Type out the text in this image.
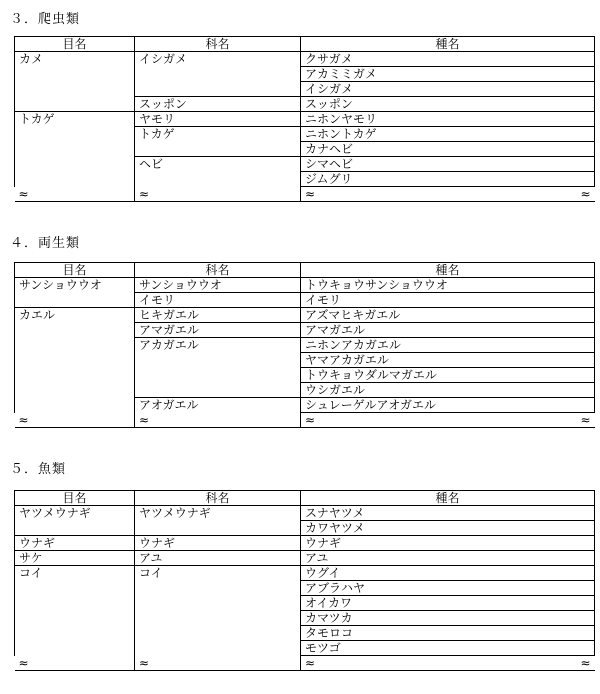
３．爬虫類
目名	科名	種名
カメ	イシガメ	クサガメ
		アカミミガメ
		イシガメ
	スッポン	スッポン
トカゲ	ヤモリ	ニホンヤモリ
	トカゲ	ニホントカゲ
		カナヘビ
	ヘビ	シマヘビ
		ジムグリ
≈	≈	≈ ≈
４．両生類
目名	科名	種名
サンショウウオ	サンショウウオ	トウキョウサンショウウオ
	イモリ	イモリ
カエル	ヒキガエル	アズマヒキガエル
	アマガエル	アマガエル
	アカガエル	ニホンアカガエル
		ヤマアカガエル
		トウキョウダルマガエル
		ウシガエル
	アオガエル	シュレーゲルアオガエル
≈	≈	≈ ≈
５．魚類
目名	科名	種名
ヤツメウナギ	ヤツメウナギ	スナヤツメ
		カワヤツメ
ウナギ	ウナギ	ウナギ
サケ	アユ	アユ
コイ	コイ	ウグイ
		アブラハヤ
		オイカワ
		カマツカ
		タモロコ
		モツゴ
≈	≈	≈ ≈
